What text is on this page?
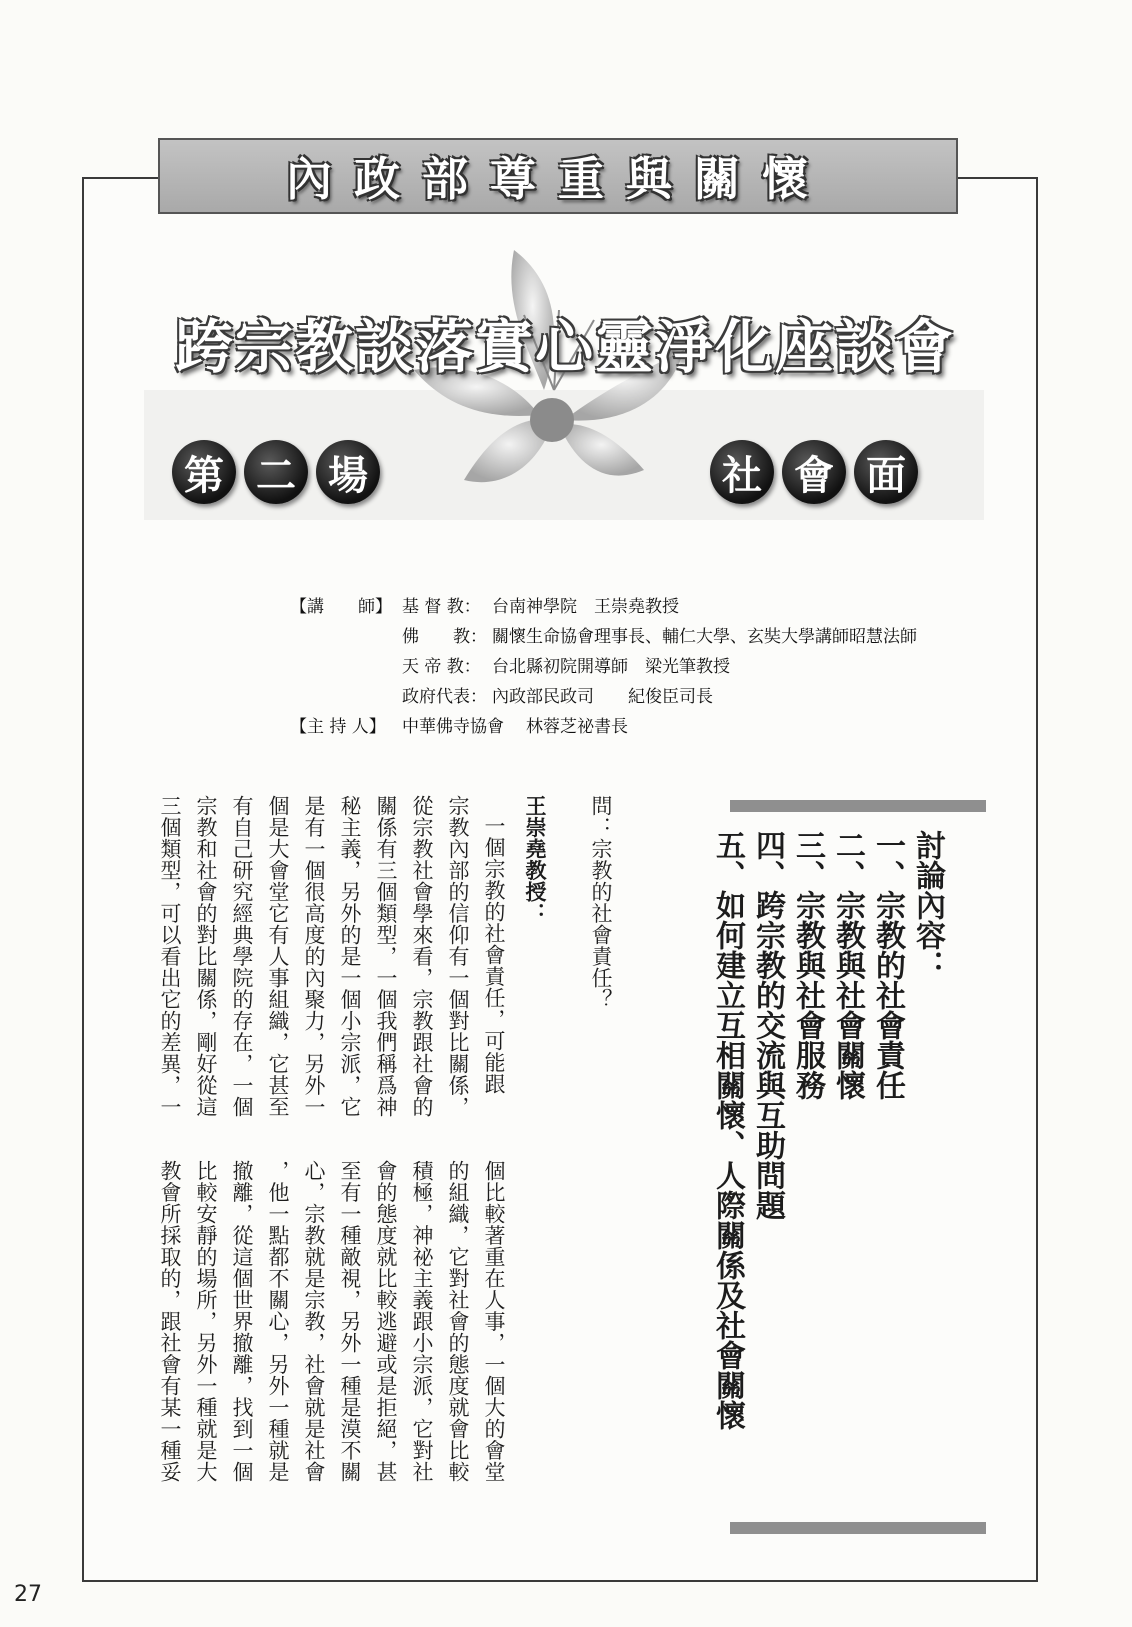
內政部尊重與關懷
跨宗教談落實心靈淨化座談會
第 二 場	社 會 面
【講　　師】 基 督 教： 台南神學院　王崇堯教授
佛　　教： 關懷生命協會理事長、輔仁大學、玄奘大學講師昭慧法師
天 帝 教： 台北縣初院開導師　梁光筆教授
政府代表： 內政部民政司　　紀俊臣司長
【主 持 人】 中華佛寺協會
　　林蓉芝祕書長
討論內容：
一、宗教的社會責任
二、宗教與社會關懷
三、宗教與社會服務
四、跨宗教的交流與互助問題
五、如何建立互相關懷、人際關係及社會關懷
問：宗教的社會責任？
王崇堯教授：
一個宗教的社會責任，可能跟
宗教內部的信仰有一個對比關係，
從宗教社會學來看，宗教跟社會的
關係有三個類型，一個我們稱爲神
秘主義，另外的是一個小宗派，它
是有一個很高度的內聚力，另外一
個是大會堂它有人事組織，它甚至
有自己研究經典學院的存在，一個
宗教和社會的對比關係，剛好從這
三個類型，可以看出它的差異，一
個比較著重在人事，一個大的會堂
的組織，它對社會的態度就會比較
積極，神祕主義跟小宗派，它對社
會的態度就比較逃避或是拒絕，甚
至有一種敵視，另外一種是漠不關
心，宗教就是宗教，社會就是社會
，他一點都不關心，另外一種就是
撤離，從這個世界撤離，找到一個
比較安靜的場所，另外一種就是大
教會所採取的，跟社會有某一種妥
27
